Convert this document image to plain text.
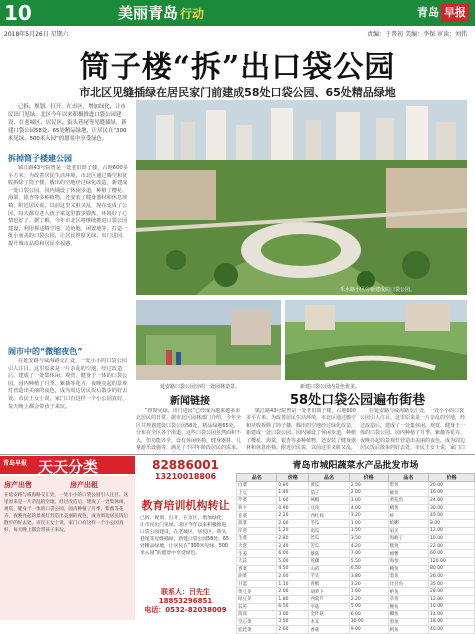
10	美丽青岛 行动	青岛 早报
2018年5月26日 星期六	责编：于普初 美编：李保 审读：刘伟
筒子楼“拆”出口袋公园
市北区见缝插绿在居民家门前建成58处口袋公园、65处精品绿地
已拆、规划、打开，在市区，增加绿化，让市民出门见绿。北区今年以来积极推进口袋公园建设，在老城区、居民区、街头巷尾等见缝插绿，新建口袋公园58处、65处精品绿地，让居民在“300米见绿、500米入园”的愿景中享受绿色。
拆掉筒子楼建公园
镇江路43号院曾是一处老旧筒子楼，占地600多平方米。为改善居民生活环境，市北区通过腾空和征收拆除了筒子楼，腾出的空地经过绿化改造，新建成一处口袋公园。园内铺设了休闲步道，种植了樱花、海棠、银杏等多种植物，还安装了健身器材和休息座椅。附近居民说，以前这里又脏又乱，现在变成了公园，每天都有老人孩子来这里散步锻炼，环境好了心情也好了。据了解，今年市北区将继续推进口袋公园建设，利用拆违腾空地、边角地、闲置地等，打造一批小而美的口袋公园，让居民推窗见绿、出门进园，提升城市品质和居民幸福感。
闹市中的“微缩夜色”
在延安路与威海路交汇处，一处小小的口袋公园引人注目。这里原来是一片杂乱的空地，经过改造后，建成了一处集休闲、观赏、健身于一体的口袋公园。园内种植了月季、紫薇等花卉，夜晚亮起的景观灯营造出美丽的夜色，成为周边居民饭后散步的好去处。市民王女士说，家门口有这样一个小公园真好，每天晚上都会带孩子来玩。
乐水路小区旁新建成的口袋公园。
延安路口袋公园旁的一处园林造景。	新建口袋公园内景色优美。
新闻链接	58处口袋公园遍布街巷
“推窗见绿、出门进园”已经成为越来越多市北居民的日常。据市北区园林部门介绍，今年全区共规划建设口袋公园58处，精品绿地65处，分布在全区各个街道。这些口袋公园虽然面积不大，但功能齐全，设有休闲座椅、健身器材、儿童游乐设施等，满足了不同年龄段居民的需求。
镇江路43号院曾是一处老旧筒子楼，占地600多平方米。为改善居民生活环境，市北区通过腾空和征收拆除了筒子楼，腾出的空地经过绿化改造，新建成一处口袋公园。园内铺设了休闲步道，种植了樱花、海棠、银杏等多种植物，还安装了健身器材和休息座椅。附近居民说，以前这里又脏又乱，
在延安路与威海路交汇处，一处小小的口袋公园引人注目。这里原来是一片杂乱的空地，经过改造后，建成了一处集休闲、观赏、健身于一体的口袋公园。园内种植了月季、紫薇等花卉，夜晚亮起的景观灯营造出美丽的夜色，成为周边居民饭后散步的好去处。市民王女士说，家门口
青岛早报 天天分类
房产出售	房产出租
在延安路与威海路交汇处，一处小小的口袋公园引人注目。这里原来是一片杂乱的空地，经过改造后，建成了一处集休闲、观赏、健身于一体的口袋公园。园内种植了月季、紫薇等花卉，夜晚亮起的景观灯营造出美丽的夜色，成为周边居民饭后散步的好去处。市民王女士说，家门口有这样一个小公园真好，每天晚上都会带孩子来玩。
82886001
13210018806
教育培训机构转让
已拆、规划、打开，在市区，增加绿化，让市民出门见绿。北区今年以来积极推进口袋公园建设，在老城区、居民区、街头巷尾等见缝插绿，新建口袋公园58处、65处精品绿地，让居民在“300米见绿、500米入园”的愿景中享受绿色。
联系人：吕先生 18853296851
电话：0532-82038009
青岛市城阳蔬菜水产品批发市场
品名	价格	品名	价格	品名	价格
白菜	0.80	黄瓜	2.50	带鱼	20.00
土豆	1.40	茄子	2.00	鲅鱼	16.00
芹菜	1.60	辣椒	3.00	黄花鱼	24.00
萝卜	0.90	豆角	4.00	鲳鱼	30.00
韭菜	2.20	西红柿	3.20	虾	45.00
菠菜	2.00	冬瓜	1.00	蛤蜊	8.00
洋葱	1.20	南瓜	1.50	扇贝	12.00
生菜	2.80	丝瓜	3.50	海蛎子	10.00
大葱	2.40	苦瓜	4.20	鱿鱼	22.00
生姜	6.00	蘑菇	7.00	螃蟹	60.00
大蒜	5.00	莲藕	5.50	海参	120.00
香菜	4.50	山药	6.50	鲍鱼	80.00
油菜	2.00	芋头	3.80	墨鱼	26.00
甘蓝	1.10	青椒	3.20	比目鱼	35.00
黄豆芽	2.00	胡萝卜	1.60	鲈鱼	28.00
绿豆芽	1.80	西葫芦	2.20	草鱼	12.00
蒜苔	6.50	平菇	5.00	鲤鱼	10.00
茼蒿	3.00	金针菇	6.00	鲫鱼	14.00
空心菜	3.50	木耳	30.00	黑鱼	18.00
娃娃菜	2.60	香菇	9.00	鳕鱼	40.00
